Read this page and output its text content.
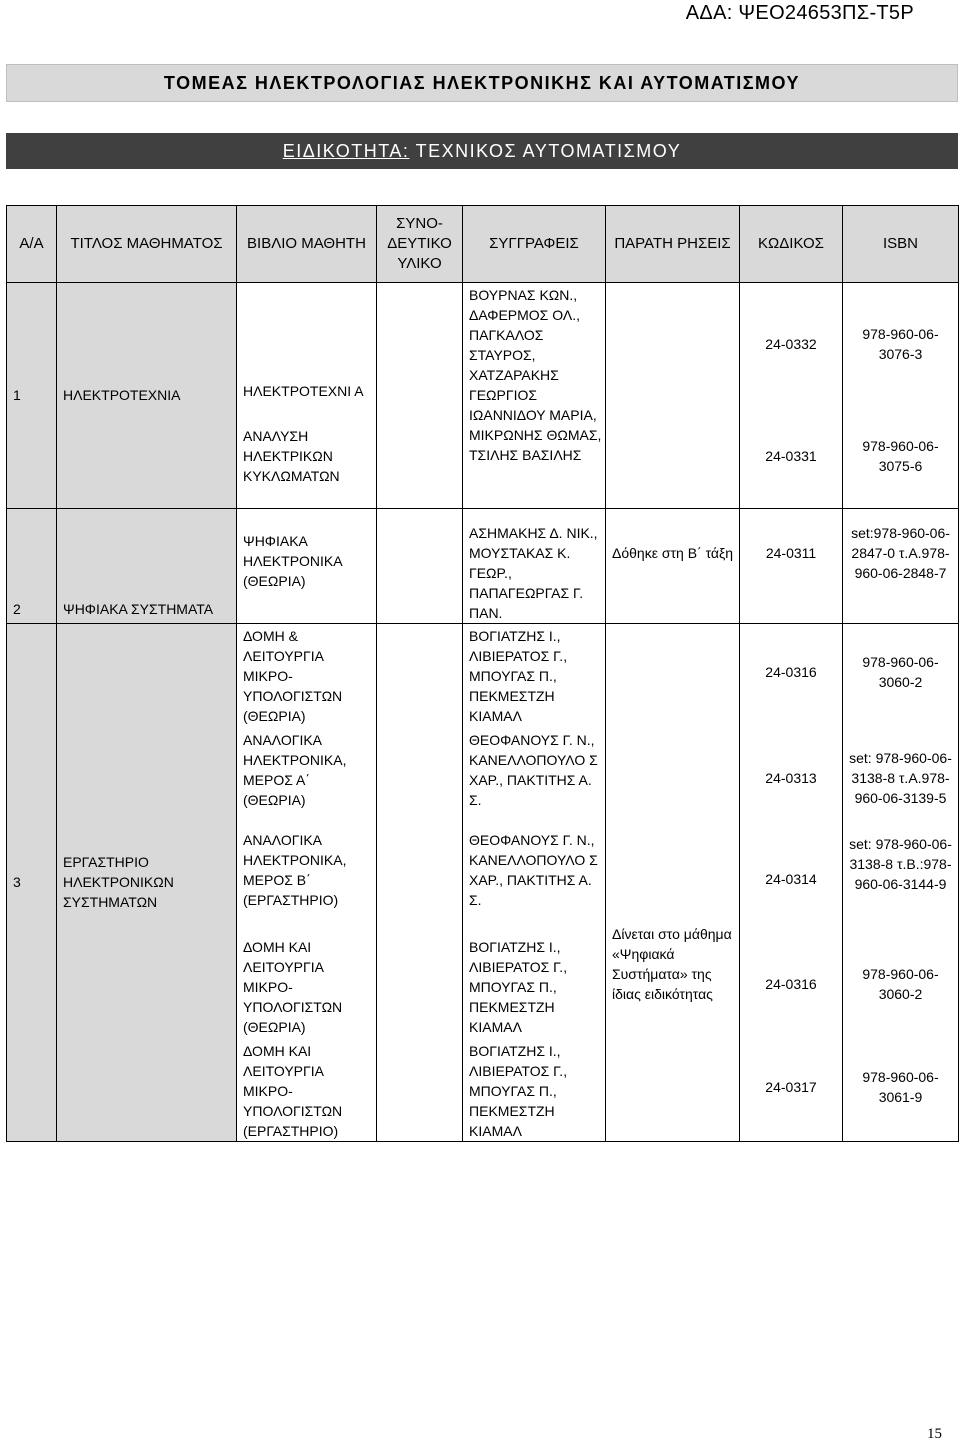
ΑΔΑ: ΨΕΟ24653ΠΣ-Τ5Ρ
ΤΟΜΕΑΣ ΗΛΕΚΤΡΟΛΟΓΙΑΣ ΗΛΕΚΤΡΟΝΙΚΗΣ ΚΑΙ ΑΥΤΟΜΑΤΙΣΜΟΥ
ΕΙΔΙΚΟΤΗΤΑ: ΤΕΧΝΙΚΟΣ ΑΥΤΟΜΑΤΙΣΜΟΥ
Α/Α	ΤΙΤΛΟΣ ΜΑΘΗΜΑΤΟΣ	ΒΙΒΛΙΟ ΜΑΘΗΤΗ	ΣΥΝΟ-ΔΕΥΤΙΚΟ ΥΛΙΚΟ	ΣΥΓΓΡΑΦΕΙΣ	ΠΑΡΑΤΗ ΡΗΣΕΙΣ	ΚΩΔΙΚΟΣ	ISBN
1	ΗΛΕΚΤΡΟΤΕΧΝΙΑ	ΗΛΕΚΤΡΟΤΕΧΝΙ Α		ΒΟΥΡΝΑΣ ΚΩΝ., ΔΑΦΕΡΜΟΣ ΟΛ., ΠΑΓΚΑΛΟΣ ΣΤΑΥΡΟΣ, ΧΑΤΖΑΡΑΚΗΣ ΓΕΩΡΓΙΟΣ		24-0332	978-960-06-3076-3
		ΑΝΑΛΥΣΗ ΗΛΕΚΤΡΙΚΩΝ ΚΥΚΛΩΜΑΤΩΝ		ΙΩΑΝΝΙΔΟΥ ΜΑΡΙΑ, ΜΙΚΡΩΝΗΣ ΘΩΜΑΣ, ΤΣΙΛΗΣ ΒΑΣΙΛΗΣ		24-0331	978-960-06-3075-6
2	ΨΗΦΙΑΚΑ ΣΥΣΤΗΜΑΤΑ	ΨΗΦΙΑΚΑ ΗΛΕΚΤΡΟΝΙΚΑ (ΘΕΩΡΙΑ)		ΑΣΗΜΑΚΗΣ Δ. ΝΙΚ., ΜΟΥΣΤΑΚΑΣ Κ. ΓΕΩΡ., ΠΑΠΑΓΕΩΡΓΑΣ Γ. ΠΑΝ.	Δόθηκε στη Β΄ τάξη	24-0311	set:978-960-06-2847-0 τ.Α.978-960-06-2848-7
3	ΕΡΓΑΣΤΗΡΙΟ ΗΛΕΚΤΡΟΝΙΚΩΝ ΣΥΣΤΗΜΑΤΩΝ	ΔΟΜΗ & ΛΕΙΤΟΥΡΓΙΑ ΜΙΚΡΟ-ΥΠΟΛΟΓΙΣΤΩΝ (ΘΕΩΡΙΑ)		ΒΟΓΙΑΤΖΗΣ Ι., ΛΙΒΙΕΡΑΤΟΣ Γ., ΜΠΟΥΓΑΣ Π., ΠΕΚΜΕΣΤΖΗ ΚΙΑΜΑΛ	Δίνεται στο μάθημα «Ψηφιακά Συστήματα» της ίδιας ειδικότητας	24-0316	978-960-06-3060-2
		ΑΝΑΛΟΓΙΚΑ ΗΛΕΚΤΡΟΝΙΚΑ, ΜΕΡΟΣ Α΄ (ΘΕΩΡΙΑ)		ΘΕΟΦΑΝΟΥΣ Γ. Ν., ΚΑΝΕΛΛΟΠΟΥΛΟ Σ ΧΑΡ., ΠΑΚΤΙΤΗΣ Α. Σ.		24-0313	set: 978-960-06-3138-8 τ.Α.978-960-06-3139-5
		ΑΝΑΛΟΓΙΚΑ ΗΛΕΚΤΡΟΝΙΚΑ, ΜΕΡΟΣ Β΄ (ΕΡΓΑΣΤΗΡΙΟ)		ΘΕΟΦΑΝΟΥΣ Γ. Ν., ΚΑΝΕΛΛΟΠΟΥΛΟ Σ ΧΑΡ., ΠΑΚΤΙΤΗΣ Α. Σ.		24-0314	set: 978-960-06-3138-8 τ.Β.:978-960-06-3144-9
		ΔΟΜΗ ΚΑΙ ΛΕΙΤΟΥΡΓΙΑ ΜΙΚΡΟ-ΥΠΟΛΟΓΙΣΤΩΝ (ΘΕΩΡΙΑ)		ΒΟΓΙΑΤΖΗΣ Ι., ΛΙΒΙΕΡΑΤΟΣ Γ., ΜΠΟΥΓΑΣ Π., ΠΕΚΜΕΣΤΖΗ ΚΙΑΜΑΛ		24-0316	978-960-06-3060-2
		ΔΟΜΗ ΚΑΙ ΛΕΙΤΟΥΡΓΙΑ ΜΙΚΡΟ-ΥΠΟΛΟΓΙΣΤΩΝ (ΕΡΓΑΣΤΗΡΙΟ)		ΒΟΓΙΑΤΖΗΣ Ι., ΛΙΒΙΕΡΑΤΟΣ Γ., ΜΠΟΥΓΑΣ Π., ΠΕΚΜΕΣΤΖΗ ΚΙΑΜΑΛ		24-0317	978-960-06-3061-9
15
